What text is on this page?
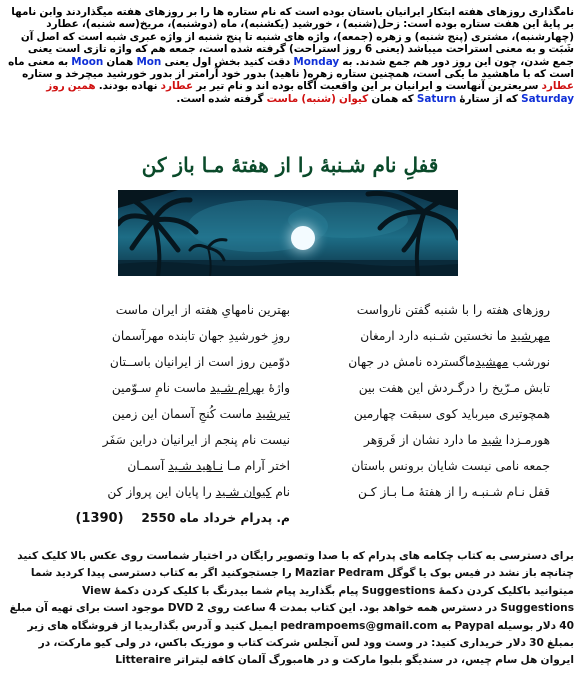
نامگذاری روزهای هفته ابتکار ایرانیان باستان بوده است که نام ستاره ها را بر روزهای هفته میگذاردند وابن نامها بر پایهٔ این هفت ستاره بوده است: زحل(شنبه) ، خورشید (یکشنبه)، ماه (دوشنبه)، مریخ(سه شنبه)، عطارد (چهارشنبه)، مشتری (پنج شنبه) و زهره (جمعه)، واژه های شنبه تا پنج شنبه از واژه عبری شبه است که اصل آن شَبَت و به معنی استراحت میباشد (یعنی 6 روز استراحت) گرفته شده است، جمعه هم که واژه تازی است یعنی جمع شدن، چون این روز دور هم جمع شدند. به Monday دقت کنید بخش اول یعنی Mon همان Moon به معنی ماه است که با ماهشید ما یکی است، همچنین ستاره زهره( ناهید) بدور خود آرامتر از بدور خورشید میچرخد و ستاره عطارد سریعترین آنهاست و ایرانیان بر این واقعیت آگاه بوده اند و نام تیر بر عطارد نهاده بودند. همین روز Saturday که از ستارهٔ Saturn که همان کیوان (شنبه) ماست گرفته شده است.
قفلِ نام شـنبهٔ را از هفتهٔ مـا باز کن
روزهای هفته را با شنبه گفتن نارواست
مهرشید ما نخستین شـنبه دارد ارمغان
نورشب مهشیدماگسترده نامش در جهان
تابش مـرّیخ را درگـردش این هفت بین
همچوتیری میرباید کوی سبقت چهارمین
هورمـزدا شید ما دارد نشان از فَروَهر
جمعه نامی نیست شایان برونس باستان
قفل نـام شـنبـه را از هفتهٔ مـا بـاز کـن
بهترین نامهایِ هفته از ایران ماست
روزِ خورشیدِ جهان تابنده مهرآسمان
دوّمین روز است از ایرانیان باســتان
واژهٔ بهرام شـید ماست نامِ سـوّمین
تیرشید ماست کُنجِ آسمان این زمین
نیست نام پنجم از ایرانیان دراین سَفَر
اختر آرام مـا نـاهید شـید آسمـان
نام کیوان شـید را پایان این پرواز کن
م. پدرام خرداد ماه 2550 (1390)
برای دسترسی به کتاب چکامه های پدرام که با صدا وتصویر رایگان در اختیار شماست روی عکس بالا کلیک کنید چنانچه باز نشد در فیس بوک یا گوگل Maziar Pedram را جستجوکنید اگر به کتاب دسترسی پیدا کردید شما میتوانید باکلیک کردن دکمهٔ Suggestions پیام بگذارید پیام شما بیدرنگ با کلیک کردن دکمهٔ View Suggestions در دسترس همه خواهد بود. این کتاب بمدت 4 ساعت روی DVD 2 موجود است برای تهیه آن مبلغ 40 دلار بوسیله Paypal به pedrampoems@gmail.com ایمیل کنید و آدرس بگذاریدیا از فروشگاه های زیر بمبلغ 30 دلار خریداری کنید: در وست وود لس آنجلس شرکت کتاب و موزیک باکس، در ولی کیو مارکت، در ایروان هل سام چیس، در سندیگو بلبوا مارکت و در هامبورگ آلمان کافه لیتراتر Litteraire
